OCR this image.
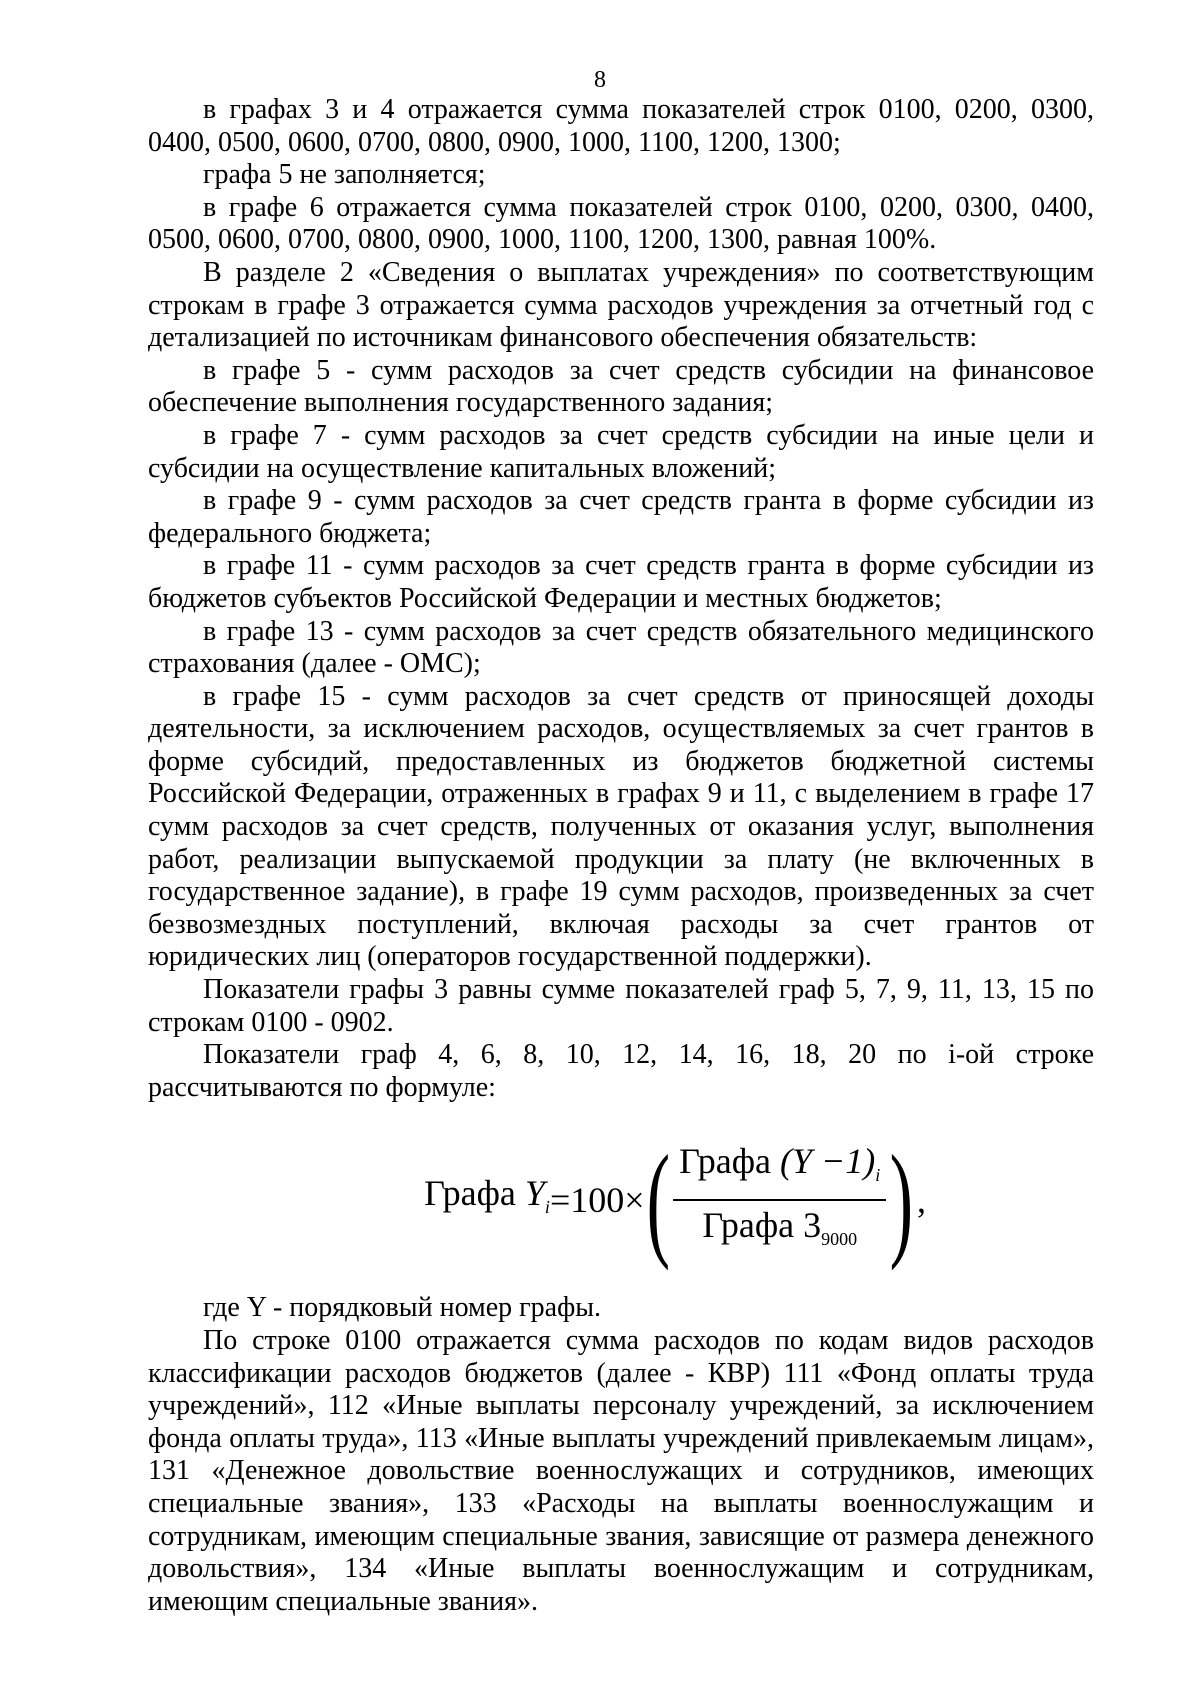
8

в графах 3 и 4 отражается сумма показателей строк 0100, 0200, 0300, 0400, 0500, 0600, 0700, 0800, 0900, 1000, 1100, 1200, 1300;

графа 5 не заполняется;

в графе 6 отражается сумма показателей строк 0100, 0200, 0300, 0400, 0500, 0600, 0700, 0800, 0900, 1000, 1100, 1200, 1300, равная 100%.

В разделе 2 «Сведения о выплатах учреждения» по соответствующим строкам в графе 3 отражается сумма расходов учреждения за отчетный год с детализацией по источникам финансового обеспечения обязательств:

в графе 5 - сумм расходов за счет средств субсидии на финансовое обеспечение выполнения государственного задания;

в графе 7 - сумм расходов за счет средств субсидии на иные цели и субсидии на осуществление капитальных вложений;

в графе 9 - сумм расходов за счет средств гранта в форме субсидии из федерального бюджета;

в графе 11 - сумм расходов за счет средств гранта в форме субсидии из бюджетов субъектов Российской Федерации и местных бюджетов;

в графе 13 - сумм расходов за счет средств обязательного медицинского страхования (далее - ОМС);

в графе 15 - сумм расходов за счет средств от приносящей доходы деятельности, за исключением расходов, осуществляемых за счет грантов в форме субсидий, предоставленных из бюджетов бюджетной системы Российской Федерации, отраженных в графах 9 и 11, с выделением в графе 17 сумм расходов за счет средств, полученных от оказания услуг, выполнения работ, реализации выпускаемой продукции за плату (не включенных в государственное задание), в графе 19 сумм расходов, произведенных за счет безвозмездных поступлений, включая расходы за счет грантов от юридических лиц (операторов государственной поддержки).

Показатели графы 3 равны сумме показателей граф 5, 7, 9, 11, 13, 15 по строкам 0100 - 0902.

Показатели граф 4, 6, 8, 10, 12, 14, 16, 18, 20 по i-ой строке рассчитываются по формуле:

Графа $Y_i =100\times$ ( $\frac{Графа (Y -1)_i}{Графа 3_{9000}}$ ) ,

где Y - порядковый номер графы.

По строке 0100 отражается сумма расходов по кодам видов расходов классификации расходов бюджетов (далее - КВР) 111 «Фонд оплаты труда учреждений», 112 «Иные выплаты персоналу учреждений, за исключением фонда оплаты труда», 113 «Иные выплаты учреждений привлекаемым лицам», 131 «Денежное довольствие военнослужащих и сотрудников, имеющих специальные звания», 133 «Расходы на выплаты военнослужащим и сотрудникам, имеющим специальные звания, зависящие от размера денежного довольствия», 134 «Иные выплаты военнослужащим и сотрудникам, имеющим специальные звания».
